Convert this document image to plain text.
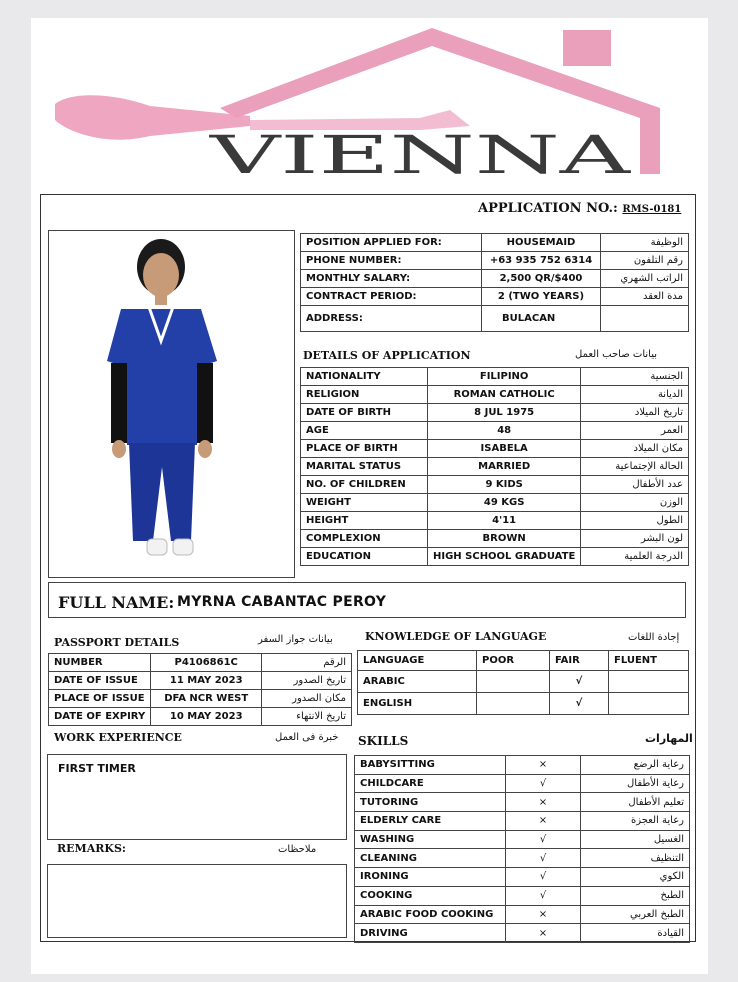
VIENNA
APPLICATION NO.: RMS-0181
POSITION APPLIED FOR:	HOUSEMAID	الوظيفة
PHONE NUMBER:	+63 935 752 6314	رقم التلفون
MONTHLY SALARY:	2,500 QR/$400	الراتب الشهري
CONTRACT PERIOD:	2 (TWO YEARS)	مدة العقد
ADDRESS:	BULACAN	
DETAILS OF APPLICATION	بيانات صاحب العمل
NATIONALITY	FILIPINO	الجنسية
RELIGION	ROMAN CATHOLIC	الديانة
DATE OF BIRTH	8 JUL 1975	تاريخ الميلاد
AGE	48	العمر
PLACE OF BIRTH	ISABELA	مكان الميلاد
MARITAL STATUS	MARRIED	الحالة الإجتماعية
NO. OF CHILDREN	9 KIDS	عدد الأطفال
WEIGHT	49 KGS	الوزن
HEIGHT	4'11	الطول
COMPLEXION	BROWN	لون البشر
EDUCATION	HIGH SCHOOL GRADUATE	الدرجة العلمية
FULL NAME: MYRNA CABANTAC PEROY
PASSPORT DETAILS	بيانات جواز السفر
NUMBER	P4106861C	الرقم
DATE OF ISSUE	11 MAY 2023	تاريخ الصدور
PLACE OF ISSUE	DFA NCR WEST	مكان الصدور
DATE OF EXPIRY	10 MAY 2023	تاريخ الانتهاء
KNOWLEDGE OF LANGUAGE	إجادة اللغات
LANGUAGE	POOR	FAIR	FLUENT
ARABIC		√	
ENGLISH		√	
WORK EXPERIENCE	خبرة فى العمل
FIRST TIMER
REMARKS:	ملاحظات
SKILLS	المهارات
BABYSITTING	×	رعاية الرضع
CHILDCARE	√	رعاية الأطفال
TUTORING	×	تعليم الأطفال
ELDERLY CARE	×	رعاية العجزة
WASHING	√	الغسيل
CLEANING	√	التنظيف
IRONING	√	الكوي
COOKING	√	الطبخ
ARABIC FOOD COOKING	×	الطبخ العربي
DRIVING	×	القيادة
